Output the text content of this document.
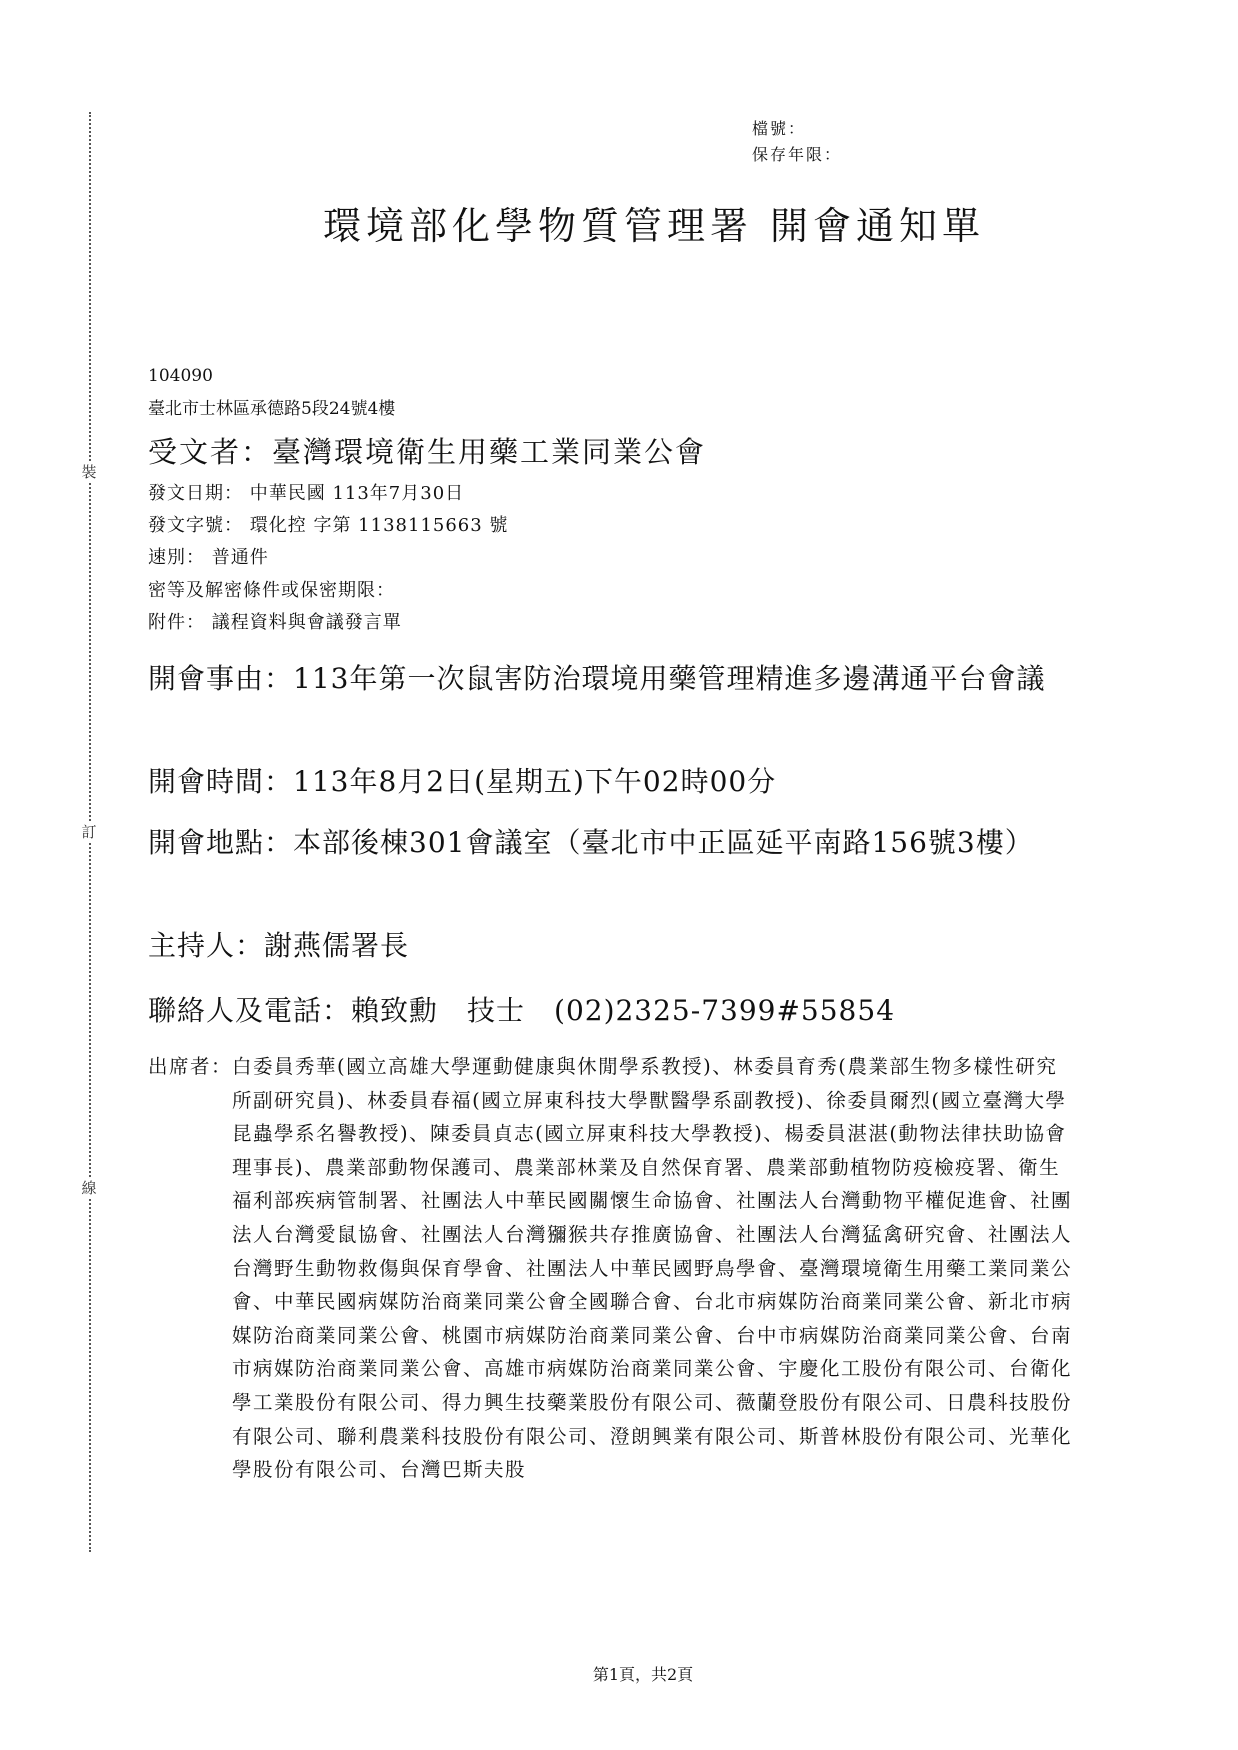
裝
訂
線
檔號：
保存年限：
環境部化學物質管理署 開會通知單
104090
臺北市士林區承德路5段24號4樓
受文者：臺灣環境衛生用藥工業同業公會
發文日期： 中華民國 113年7月30日
發文字號： 環化控 字第 1138115663 號
速別： 普通件
密等及解密條件或保密期限：
附件： 議程資料與會議發言單
開會事由： 113年第一次鼠害防治環境用藥管理精進多邊溝通平台會議
開會時間： 113年8月2日(星期五)下午02時00分
開會地點： 本部後棟301會議室（臺北市中正區延平南路156號3樓）
主持人： 謝燕儒署長
聯絡人及電話： 賴致勳　技士　(02)2325-7399#55854
出席者： 白委員秀華(國立高雄大學運動健康與休閒學系教授)、林委員育秀(農業部生物多樣性研究所副研究員)、林委員春福(國立屏東科技大學獸醫學系副教授)、徐委員爾烈(國立臺灣大學昆蟲學系名譽教授)、陳委員貞志(國立屏東科技大學教授)、楊委員湛湛(動物法律扶助協會理事長)、農業部動物保護司、農業部林業及自然保育署、農業部動植物防疫檢疫署、衛生福利部疾病管制署、社團法人中華民國關懷生命協會、社團法人台灣動物平權促進會、社團法人台灣愛鼠協會、社團法人台灣獼猴共存推廣協會、社團法人台灣猛禽研究會、社團法人台灣野生動物救傷與保育學會、社團法人中華民國野鳥學會、臺灣環境衛生用藥工業同業公會、中華民國病媒防治商業同業公會全國聯合會、台北市病媒防治商業同業公會、新北市病媒防治商業同業公會、桃園市病媒防治商業同業公會、台中市病媒防治商業同業公會、台南市病媒防治商業同業公會、高雄市病媒防治商業同業公會、宇慶化工股份有限公司、台衛化學工業股份有限公司、得力興生技藥業股份有限公司、薇蘭登股份有限公司、日農科技股份有限公司、聯利農業科技股份有限公司、澄朗興業有限公司、斯普林股份有限公司、光華化學股份有限公司、台灣巴斯夫股
第1頁，共2頁
